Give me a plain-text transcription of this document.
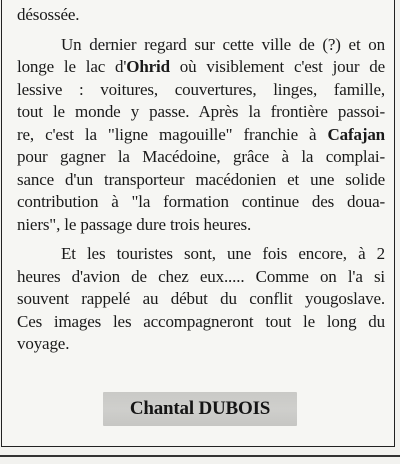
désossée.

Un dernier regard sur cette ville de (?) et on
longe le lac d'Ohrid où visiblement c'est jour de
lessive : voitures, couvertures, linges, famille,
tout le monde y passe. Après la frontière passoi-
re, c'est la "ligne magouille" franchie à Cafajan
pour gagner la Macédoine, grâce à la complai-
sance d'un transporteur macédonien et une solide
contribution à "la formation continue des doua-
niers", le passage dure trois heures.

Et les touristes sont, une fois encore, à 2
heures d'avion de chez eux..... Comme on l'a si
souvent rappelé au début du conflit yougoslave.
Ces images les accompagneront tout le long du
voyage.

Chantal DUBOIS
